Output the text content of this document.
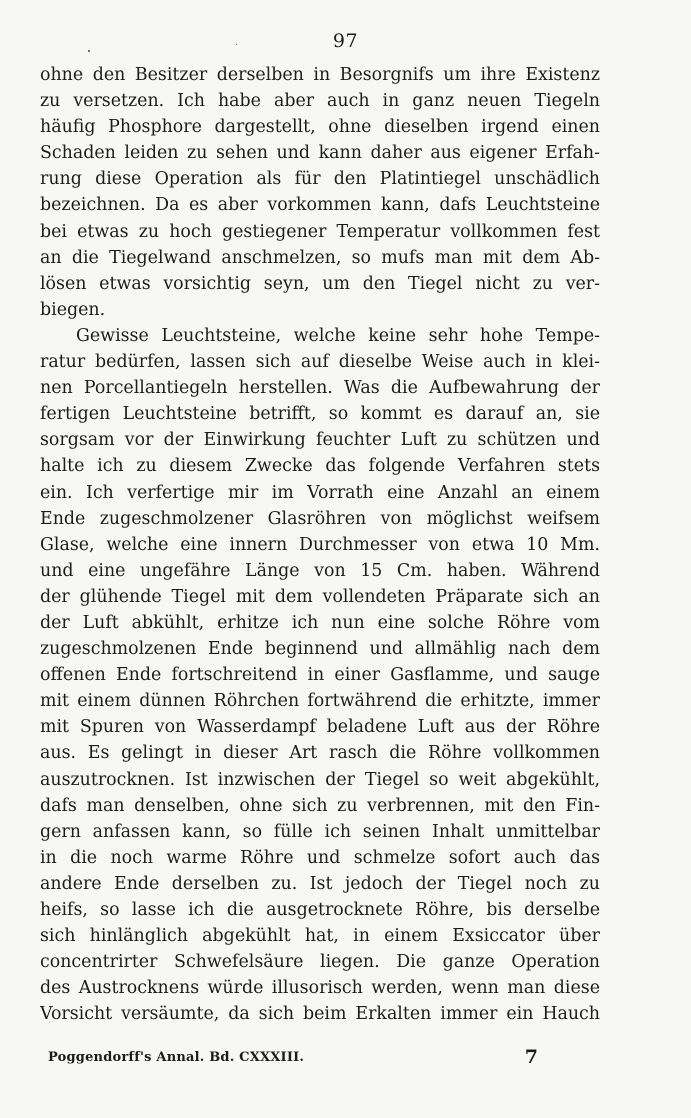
97
ohne den Besitzer derselben in Besorgnifs um ihre Existenz
zu versetzen. Ich habe aber auch in ganz neuen Tiegeln
häufig Phosphore dargestellt, ohne dieselben irgend einen
Schaden leiden zu sehen und kann daher aus eigener Erfah-
rung diese Operation als für den Platintiegel unschädlich
bezeichnen. Da es aber vorkommen kann, dafs Leuchtsteine
bei etwas zu hoch gestiegener Temperatur vollkommen fest
an die Tiegelwand anschmelzen, so mufs man mit dem Ab-
lösen etwas vorsichtig seyn, um den Tiegel nicht zu ver-
biegen.
Gewisse Leuchtsteine, welche keine sehr hohe Tempe-
ratur bedürfen, lassen sich auf dieselbe Weise auch in klei-
nen Porcellantiegeln herstellen. Was die Aufbewahrung der
fertigen Leuchtsteine betrifft, so kommt es darauf an, sie
sorgsam vor der Einwirkung feuchter Luft zu schützen und
halte ich zu diesem Zwecke das folgende Verfahren stets
ein. Ich verfertige mir im Vorrath eine Anzahl an einem
Ende zugeschmolzener Glasröhren von möglichst weifsem
Glase, welche eine innern Durchmesser von etwa 10 Mm.
und eine ungefähre Länge von 15 Cm. haben. Während
der glühende Tiegel mit dem vollendeten Präparate sich an
der Luft abkühlt, erhitze ich nun eine solche Röhre vom
zugeschmolzenen Ende beginnend und allmählig nach dem
offenen Ende fortschreitend in einer Gasflamme, und sauge
mit einem dünnen Röhrchen fortwährend die erhitzte, immer
mit Spuren von Wasserdampf beladene Luft aus der Röhre
aus. Es gelingt in dieser Art rasch die Röhre vollkommen
auszutrocknen. Ist inzwischen der Tiegel so weit abgekühlt,
dafs man denselben, ohne sich zu verbrennen, mit den Fin-
gern anfassen kann, so fülle ich seinen Inhalt unmittelbar
in die noch warme Röhre und schmelze sofort auch das
andere Ende derselben zu. Ist jedoch der Tiegel noch zu
heifs, so lasse ich die ausgetrocknete Röhre, bis derselbe
sich hinlänglich abgekühlt hat, in einem Exsiccator über
concentrirter Schwefelsäure liegen. Die ganze Operation
des Austrocknens würde illusorisch werden, wenn man diese
Vorsicht versäumte, da sich beim Erkalten immer ein Hauch
Poggendorff's Annal. Bd. CXXXIII.	7
